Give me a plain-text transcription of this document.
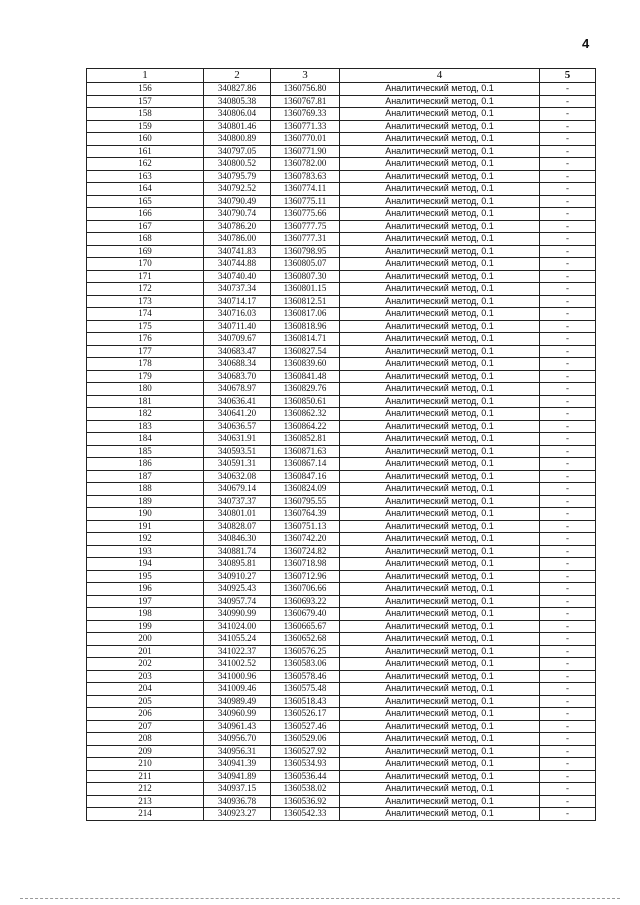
4
1	2	3	4	5
156	340827.86	1360756.80	Аналитический метод, 0.1	-
157	340805.38	1360767.81	Аналитический метод, 0.1	-
158	340806.04	1360769.33	Аналитический метод, 0.1	-
159	340801.46	1360771.33	Аналитический метод, 0.1	-
160	340800.89	1360770.01	Аналитический метод, 0.1	-
161	340797.05	1360771.90	Аналитический метод, 0.1	-
162	340800.52	1360782.00	Аналитический метод, 0.1	-
163	340795.79	1360783.63	Аналитический метод, 0.1	-
164	340792.52	1360774.11	Аналитический метод, 0.1	-
165	340790.49	1360775.11	Аналитический метод, 0.1	-
166	340790.74	1360775.66	Аналитический метод, 0.1	-
167	340786.20	1360777.75	Аналитический метод, 0.1	-
168	340786.00	1360777.31	Аналитический метод, 0.1	-
169	340741.83	1360798.95	Аналитический метод, 0.1	-
170	340744.88	1360805.07	Аналитический метод, 0.1	-
171	340740.40	1360807.30	Аналитический метод, 0.1	-
172	340737.34	1360801.15	Аналитический метод, 0.1	-
173	340714.17	1360812.51	Аналитический метод, 0.1	-
174	340716.03	1360817.06	Аналитический метод, 0.1	-
175	340711.40	1360818.96	Аналитический метод, 0.1	-
176	340709.67	1360814.71	Аналитический метод, 0.1	-
177	340683.47	1360827.54	Аналитический метод, 0.1	-
178	340688.34	1360839.60	Аналитический метод, 0.1	-
179	340683.70	1360841.48	Аналитический метод, 0.1	-
180	340678.97	1360829.76	Аналитический метод, 0.1	-
181	340636.41	1360850.61	Аналитический метод, 0.1	-
182	340641.20	1360862.32	Аналитический метод, 0.1	-
183	340636.57	1360864.22	Аналитический метод, 0.1	-
184	340631.91	1360852.81	Аналитический метод, 0.1	-
185	340593.51	1360871.63	Аналитический метод, 0.1	-
186	340591.31	1360867.14	Аналитический метод, 0.1	-
187	340632.08	1360847.16	Аналитический метод, 0.1	-
188	340679.14	1360824.09	Аналитический метод, 0.1	-
189	340737.37	1360795.55	Аналитический метод, 0.1	-
190	340801.01	1360764.39	Аналитический метод, 0.1	-
191	340828.07	1360751.13	Аналитический метод, 0.1	-
192	340846.30	1360742.20	Аналитический метод, 0.1	-
193	340881.74	1360724.82	Аналитический метод, 0.1	-
194	340895.81	1360718.98	Аналитический метод, 0.1	-
195	340910.27	1360712.96	Аналитический метод, 0.1	-
196	340925.43	1360706.66	Аналитический метод, 0.1	-
197	340957.74	1360693.22	Аналитический метод, 0.1	-
198	340990.99	1360679.40	Аналитический метод, 0.1	-
199	341024.00	1360665.67	Аналитический метод, 0.1	-
200	341055.24	1360652.68	Аналитический метод, 0.1	-
201	341022.37	1360576.25	Аналитический метод, 0.1	-
202	341002.52	1360583.06	Аналитический метод, 0.1	-
203	341000.96	1360578.46	Аналитический метод, 0.1	-
204	341009.46	1360575.48	Аналитический метод, 0.1	-
205	340989.49	1360518.43	Аналитический метод, 0.1	-
206	340960.99	1360526.17	Аналитический метод, 0.1	-
207	340961.43	1360527.46	Аналитический метод, 0.1	-
208	340956.70	1360529.06	Аналитический метод, 0.1	-
209	340956.31	1360527.92	Аналитический метод, 0.1	-
210	340941.39	1360534.93	Аналитический метод, 0.1	-
211	340941.89	1360536.44	Аналитический метод, 0.1	-
212	340937.15	1360538.02	Аналитический метод, 0.1	-
213	340936.78	1360536.92	Аналитический метод, 0.1	-
214	340923.27	1360542.33	Аналитический метод, 0.1	-
